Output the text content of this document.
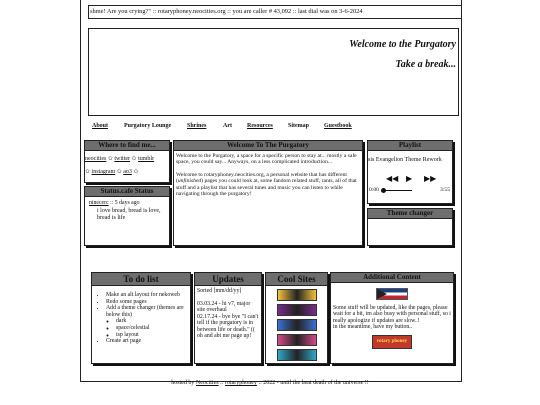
shme! Are you crying?" :: rotaryphoney.neocities.org :: you are caller # 43,092 :: last dial was on 3-6-2024
Welcome to the Purgatory
Take a break...
About	Purgatory Lounge	Shrines	Art	Resources	Sitemap	Guestbook
Where to find me...
neocities ✩ twitter ✩ tumblr
✩ instagram ✩ ao3 ✩
Status.cafe Status
ninecerc :: 5 days ago
i love bread, bread is love, bread is life
Welcome To The Purgatory
Welcome to the Purgatory, a space for a specific person to stay at... mostly a safe space, you could say... Anyways, on a less complicated introduction...
Welcome to rotaryphoney.neocities.org, a personal website that has different (unfinished) pages you could look at, some fandom related stuff, rants, all of that stuff and a playlist that has several tunes and music you can listen to while navigating through the purgatory!
Playlist
sis Evangelion Theme Rework
◀◀ ▶ ▶▶
0:00	3:55
Theme changer
To do list
• Make an alt layout for nekoweb
• Redo some pages
• Add a theme changer (themes are below this)
◦ dark
◦ space/celestial
◦ tsp layout
• Create art page
Updates
Sorted [mm/dd/yy]
03.03.24 - hi v7, major site overhaul
02.17.24 - bye bye "I can't tell if the purgatory is in between life or death." (( oh and abt me page up!
Cool Sites	Additional Content
Some stuff will be updated, like the pages, please wait for a bit, im also busy with personal stuff, so i really apologize if updates are slow..!
in the meantime, have my button..
rotary phoney
hosted by Neocities :: rotaryphoney :: 2022 - until the heat death of the universe !!
